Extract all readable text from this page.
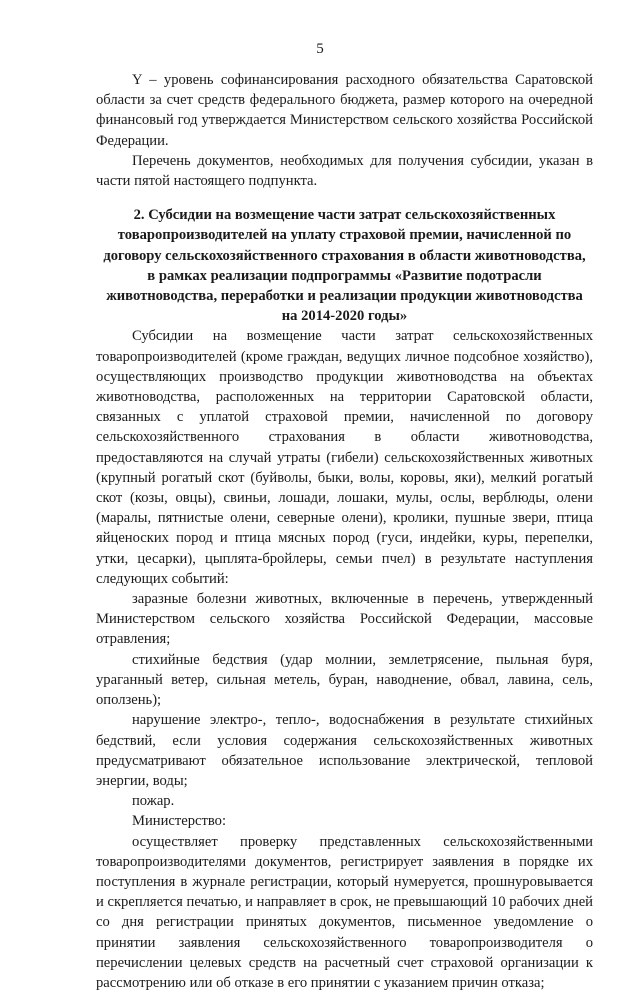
5

Y – уровень софинансирования расходного обязательства Саратовской области за счет средств федерального бюджета, размер которого на очередной финансовый год утверждается Министерством сельского хозяйства Российской Федерации.

Перечень документов, необходимых для получения субсидии, указан в части пятой настоящего подпункта.

2. Субсидии на возмещение части затрат сельскохозяйственных товаропроизводителей на уплату страховой премии, начисленной по договору сельскохозяйственного страхования в области животноводства, в рамках реализации подпрограммы «Развитие подотрасли животноводства, переработки и реализации продукции животноводства на 2014-2020 годы»

Субсидии на возмещение части затрат сельскохозяйственных товаропроизводителей (кроме граждан, ведущих личное подсобное хозяйство), осуществляющих производство продукции животноводства на объектах животноводства, расположенных на территории Саратовской области, связанных с уплатой страховой премии, начисленной по договору сельскохозяйственного страхования в области животноводства, предоставляются на случай утраты (гибели) сельскохозяйственных животных (крупный рогатый скот (буйволы, быки, волы, коровы, яки), мелкий рогатый скот (козы, овцы), свиньи, лошади, лошаки, мулы, ослы, верблюды, олени (маралы, пятнистые олени, северные олени), кролики, пушные звери, птица яйценоских пород и птица мясных пород (гуси, индейки, куры, перепелки, утки, цесарки), цыплята-бройлеры, семьи пчел) в результате наступления следующих событий:

заразные болезни животных, включенные в перечень, утвержденный Министерством сельского хозяйства Российской Федерации, массовые отравления;

стихийные бедствия (удар молнии, землетрясение, пыльная буря, ураганный ветер, сильная метель, буран, наводнение, обвал, лавина, сель, оползень);

нарушение электро-, тепло-, водоснабжения в результате стихийных бедствий, если условия содержания сельскохозяйственных животных предусматривают обязательное использование электрической, тепловой энергии, воды;

пожар.

Министерство:

осуществляет проверку представленных сельскохозяйственными товаропроизводителями документов, регистрирует заявления в порядке их поступления в журнале регистрации, который нумеруется, прошнуровывается и скрепляется печатью, и направляет в срок, не превышающий 10 рабочих дней со дня регистрации принятых документов, письменное уведомление о принятии заявления сельскохозяйственного товаропроизводителя о перечислении целевых средств на расчетный счет страховой организации к рассмотрению или об отказе в его принятии с указанием причин отказа;
